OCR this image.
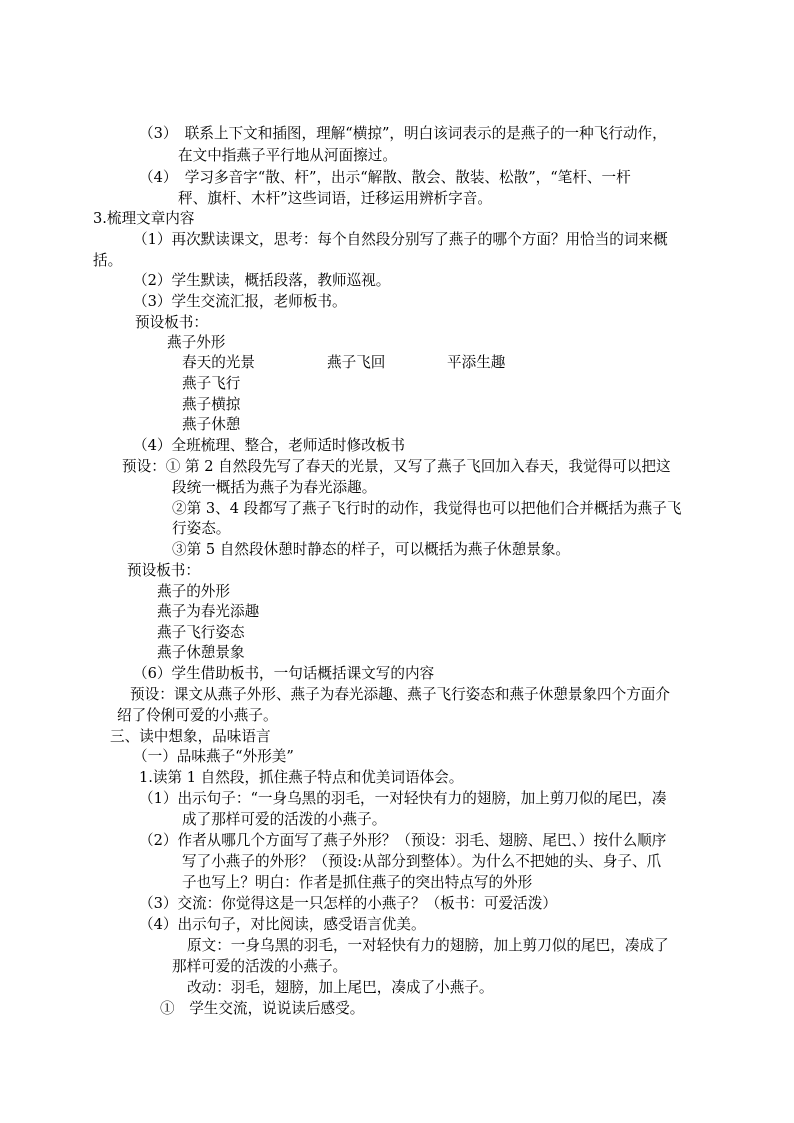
（3）　联系上下文和插图，理解“横掠”，明白该词表示的是燕子的一种飞行动作，
在文中指燕子平行地从河面擦过。
（4）　学习多音字“散、杆”，出示“解散、散会、散装、松散”，“笔杆、一杆
秤、旗杆、木杆”这些词语，迁移运用辨析字音。
3.梳理文章内容
（1）再次默读课文，思考：每个自然段分别写了燕子的哪个方面？用恰当的词来概
括。
（2）学生默读，概括段落，教师巡视。
（3）学生交流汇报，老师板书。
预设板书：
燕子外形
春天的光景	燕子飞回	平添生趣
燕子飞行
燕子横掠
燕子休憩
（4）全班梳理、整合，老师适时修改板书
预设：① 第 2 自然段先写了春天的光景，又写了燕子飞回加入春天，我觉得可以把这
段统一概括为燕子为春光添趣。
②第 3、4 段都写了燕子飞行时的动作，我觉得也可以把他们合并概括为燕子飞
行姿态。
③第 5 自然段休憩时静态的样子，可以概括为燕子休憩景象。
预设板书：
燕子的外形
燕子为春光添趣
燕子飞行姿态
燕子休憩景象
（6）学生借助板书，一句话概括课文写的内容
预设：课文从燕子外形、燕子为春光添趣、燕子飞行姿态和燕子休憩景象四个方面介
绍了伶俐可爱的小燕子。
三、读中想象，品味语言
（一）品味燕子“外形美”
1.读第 1 自然段，抓住燕子特点和优美词语体会。
（1）出示句子：“一身乌黑的羽毛，一对轻快有力的翅膀，加上剪刀似的尾巴，凑
成了那样可爱的活泼的小燕子。
（2）作者从哪几个方面写了燕子外形？（预设：羽毛、翅膀、尾巴、）按什么顺序
写了小燕子的外形？（预设:从部分到整体）。为什么不把她的头、身子、爪
子也写上？明白：作者是抓住燕子的突出特点写的外形
（3）交流：你觉得这是一只怎样的小燕子？（板书：可爱活泼）
（4）出示句子，对比阅读，感受语言优美。
原文：一身乌黑的羽毛，一对轻快有力的翅膀，加上剪刀似的尾巴，凑成了
那样可爱的活泼的小燕子。
改动：羽毛，翅膀，加上尾巴，凑成了小燕子。
①　学生交流，说说读后感受。
